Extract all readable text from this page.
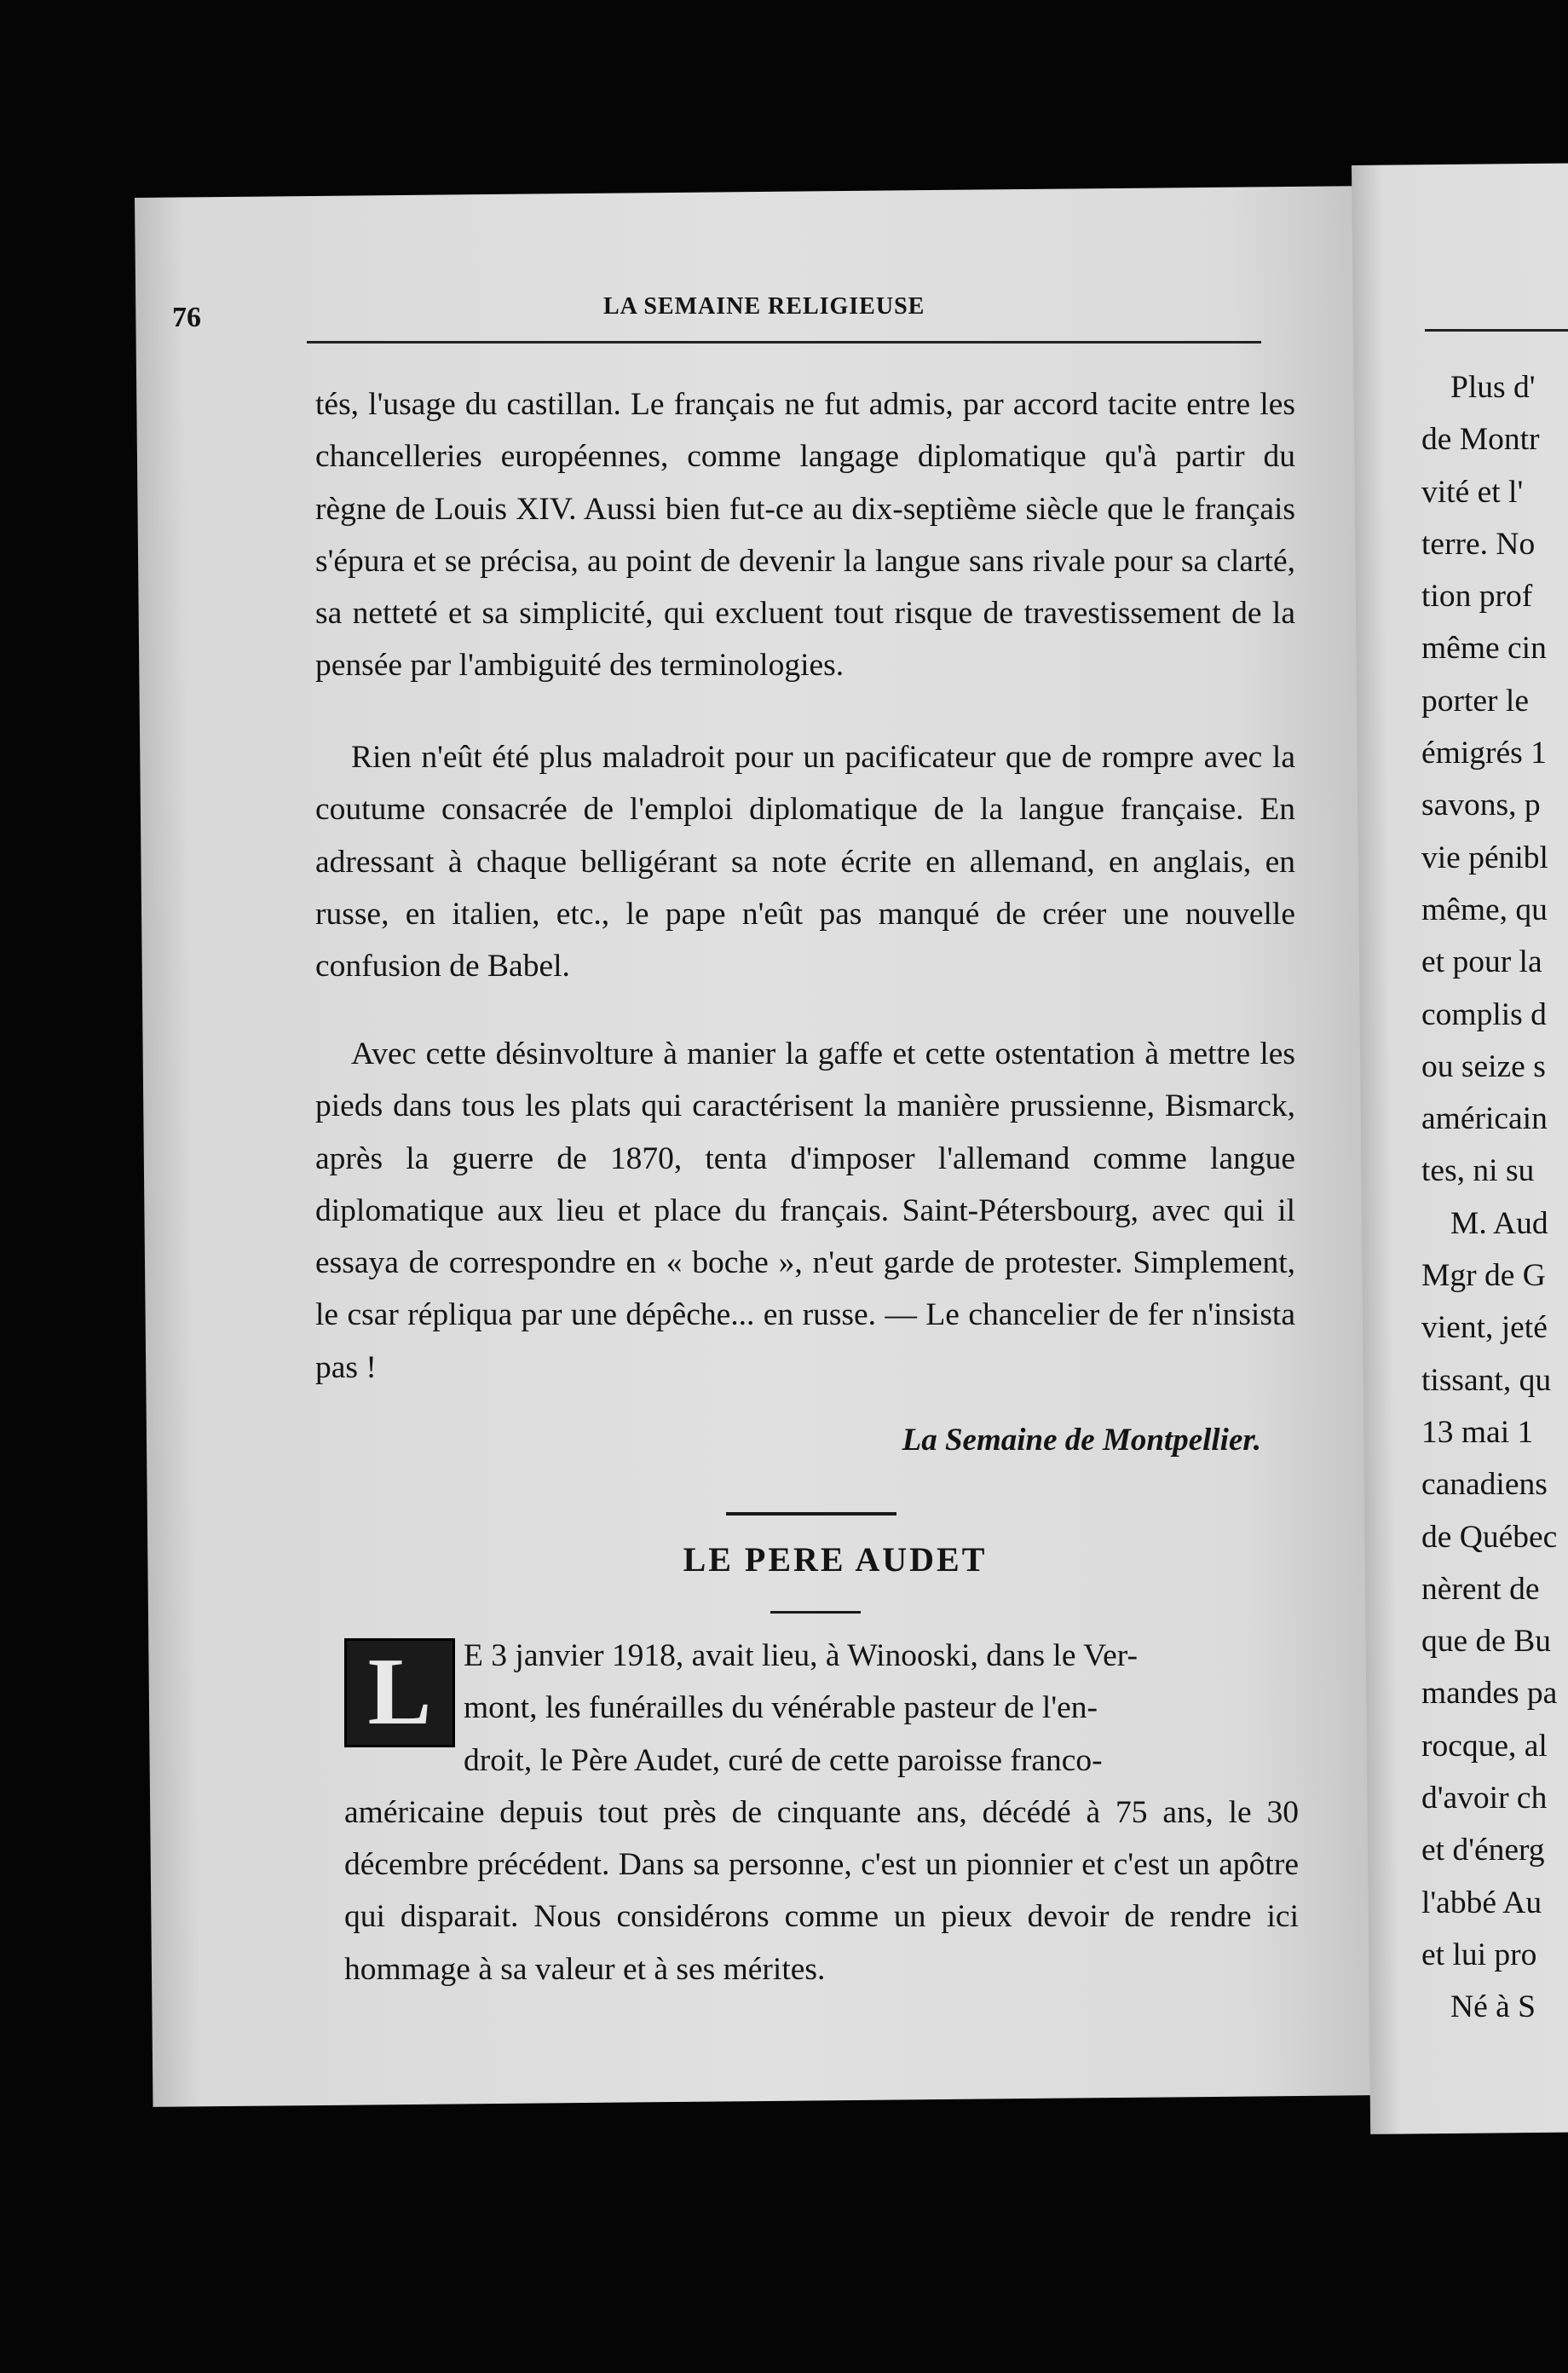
76	LA SEMAINE RELIGIEUSE

tés, l'usage du castillan. Le français ne fut admis, par accord tacite entre les chancelleries européennes, comme langage diplomatique qu'à partir du règne de Louis XIV. Aussi bien fut-ce au dix-septième siècle que le français s'épura et se précisa, au point de devenir la langue sans rivale pour sa clarté, sa netteté et sa simplicité, qui excluent tout risque de travestissement de la pensée par l'ambiguité des terminologies.

Rien n'eût été plus maladroit pour un pacificateur que de rompre avec la coutume consacrée de l'emploi diplomatique de la langue française. En adressant à chaque belligérant sa note écrite en allemand, en anglais, en russe, en italien, etc., le pape n'eût pas manqué de créer une nouvelle confusion de Babel.

Avec cette désinvolture à manier la gaffe et cette ostentation à mettre les pieds dans tous les plats qui caractérisent la manière prussienne, Bismarck, après la guerre de 1870, tenta d'imposer l'allemand comme langue diplomatique aux lieu et place du français. Saint-Pétersbourg, avec qui il essaya de correspondre en « boche », n'eut garde de protester. Simplement, le csar répliqua par une dépêche... en russe. — Le chancelier de fer n'insista pas !

La Semaine de Montpellier.
LE PERE AUDET
L	E 3 janvier 1918, avait lieu, à Winooski, dans le Ver-

mont, les funérailles du vénérable pasteur de l'en-

droit, le Père Audet, curé de cette paroisse franco-

américaine depuis tout près de cinquante ans, décédé à 75 ans, le 30 décembre précédent. Dans sa personne, c'est un pionnier et c'est un apôtre qui disparait. Nous considérons comme un pieux devoir de rendre ici hommage à sa valeur et à ses mérites.

Plus d'
de Montr
vité et l'
terre. No
tion prof
même cin
porter le
émigrés 1
savons, p
vie pénibl
même, qu
et pour la
complis d
ou seize s
américain
tes, ni su
M. Aud
Mgr de G
vient, jeté
tissant, qu
13 mai 1
canadiens
de Québec
nèrent de
que de Bu
mandes pa
rocque, al
d'avoir ch
et d'énerg
l'abbé Au
et lui pro
Né à S
